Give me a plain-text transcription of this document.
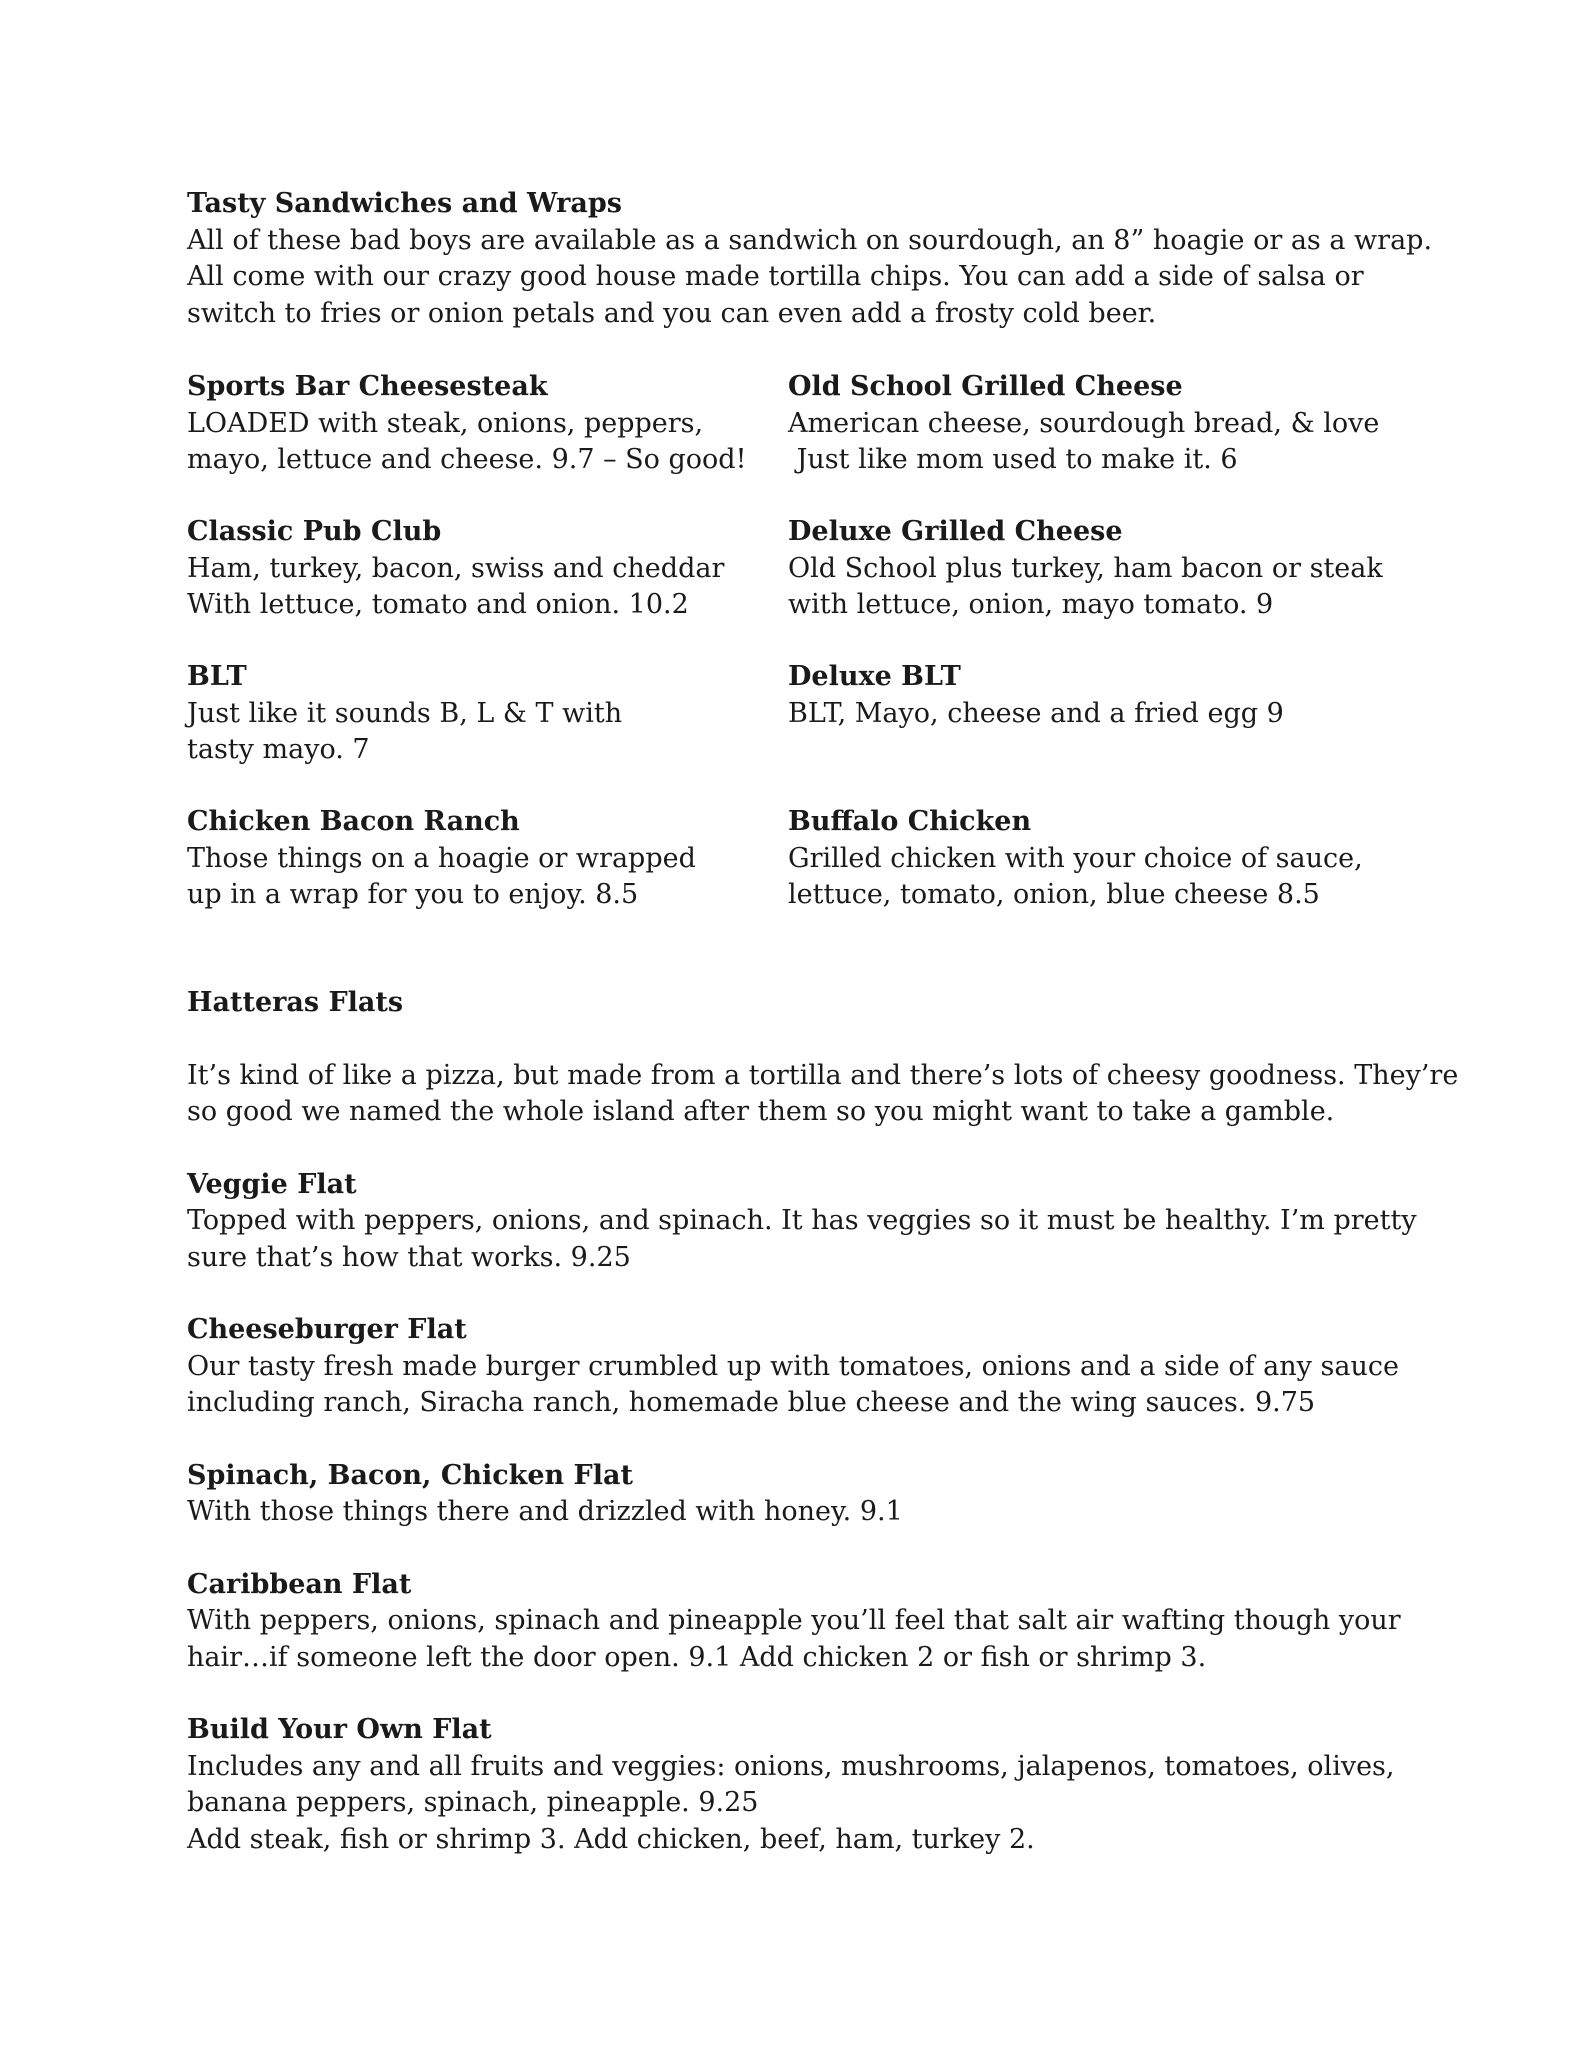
Tasty Sandwiches and Wraps
All of these bad boys are available as a sandwich on sourdough, an 8” hoagie or as a wrap.
All come with our crazy good house made tortilla chips. You can add a side of salsa or
switch to fries or onion petals and you can even add a frosty cold beer.
Sports Bar Cheesesteak
LOADED with steak, onions, peppers,
mayo, lettuce and cheese. 9.7 – So good!
Old School Grilled Cheese
American cheese, sourdough bread, & love
Just like mom used to make it. 6
Classic Pub Club
Ham, turkey, bacon, swiss and cheddar
With lettuce, tomato and onion. 10.2
Deluxe Grilled Cheese
Old School plus turkey, ham bacon or steak
with lettuce, onion, mayo tomato. 9
BLT
Just like it sounds B, L & T with
tasty mayo. 7
Deluxe BLT
BLT, Mayo, cheese and a fried egg 9
Chicken Bacon Ranch
Those things on a hoagie or wrapped
up in a wrap for you to enjoy. 8.5
Buffalo Chicken
Grilled chicken with your choice of sauce,
lettuce, tomato, onion, blue cheese 8.5
Hatteras Flats
It’s kind of like a pizza, but made from a tortilla and there’s lots of cheesy goodness. They’re
so good we named the whole island after them so you might want to take a gamble.
Veggie Flat
Topped with peppers, onions, and spinach. It has veggies so it must be healthy. I’m pretty
sure that’s how that works. 9.25
Cheeseburger Flat
Our tasty fresh made burger crumbled up with tomatoes, onions and a side of any sauce
including ranch, Siracha ranch, homemade blue cheese and the wing sauces. 9.75
Spinach, Bacon, Chicken Flat
With those things there and drizzled with honey. 9.1
Caribbean Flat
With peppers, onions, spinach and pineapple you’ll feel that salt air wafting though your
hair…if someone left the door open. 9.1 Add chicken 2 or fish or shrimp 3.
Build Your Own Flat
Includes any and all fruits and veggies: onions, mushrooms, jalapenos, tomatoes, olives,
banana peppers, spinach, pineapple. 9.25
Add steak, fish or shrimp 3. Add chicken, beef, ham, turkey 2.
